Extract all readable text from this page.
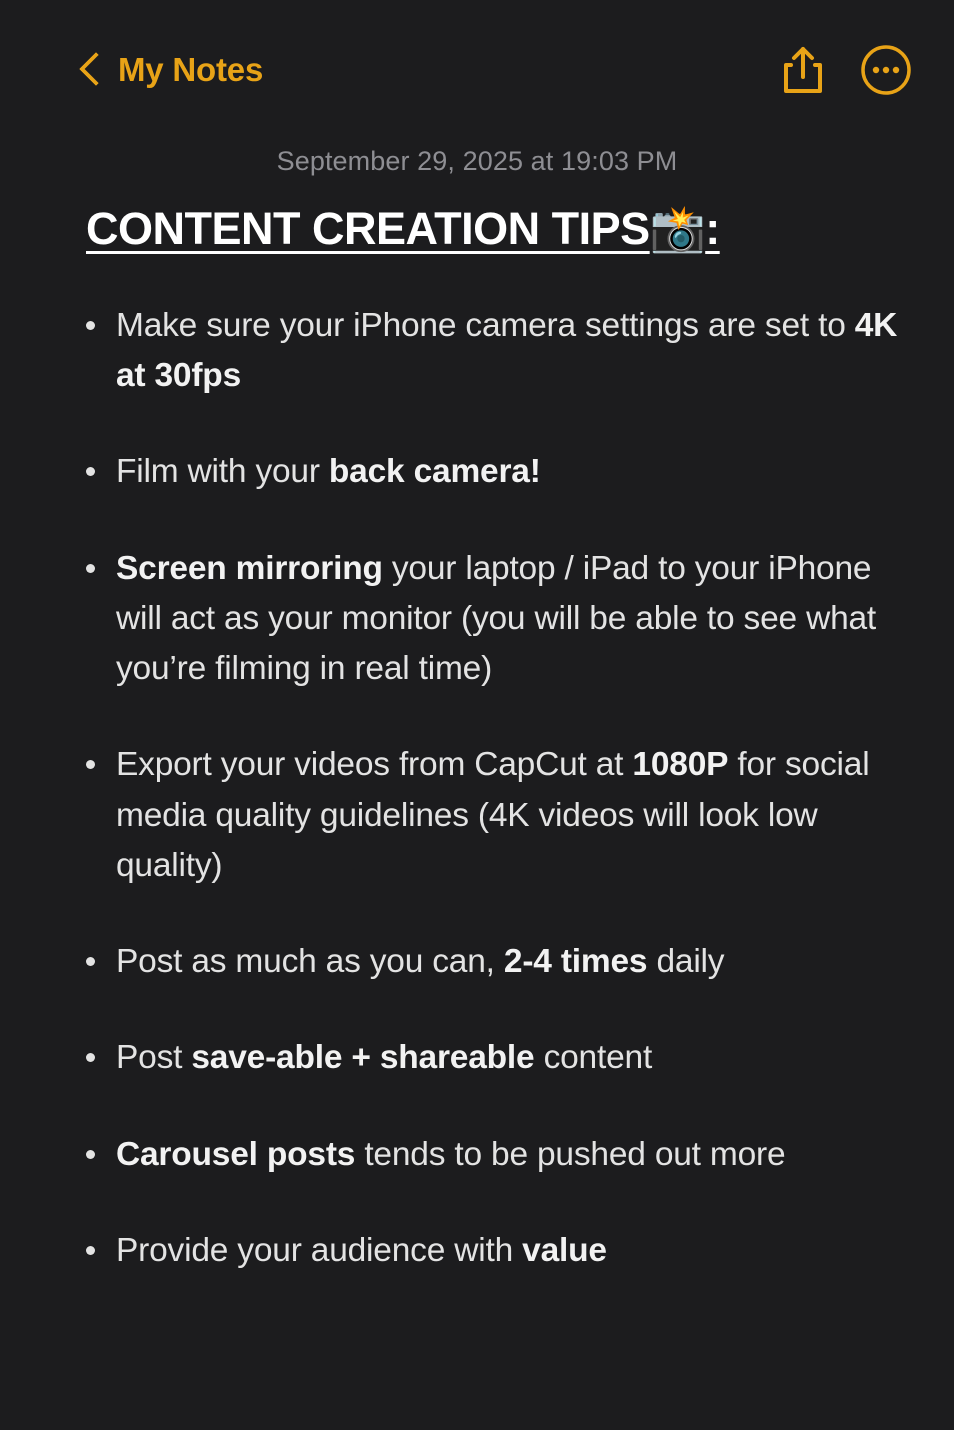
My Notes
September 29, 2025 at 19:03 PM
CONTENT CREATION TIPS📸:
Make sure your iPhone camera settings are set to 4K at 30fps
Film with your back camera!
Screen mirroring your laptop / iPad to your iPhone will act as your monitor (you will be able to see what you’re filming in real time)
Export your videos from CapCut at 1080P for social media quality guidelines (4K videos will look low quality)
Post as much as you can, 2-4 times daily
Post save-able + shareable content
Carousel posts tends to be pushed out more
Provide your audience with value
